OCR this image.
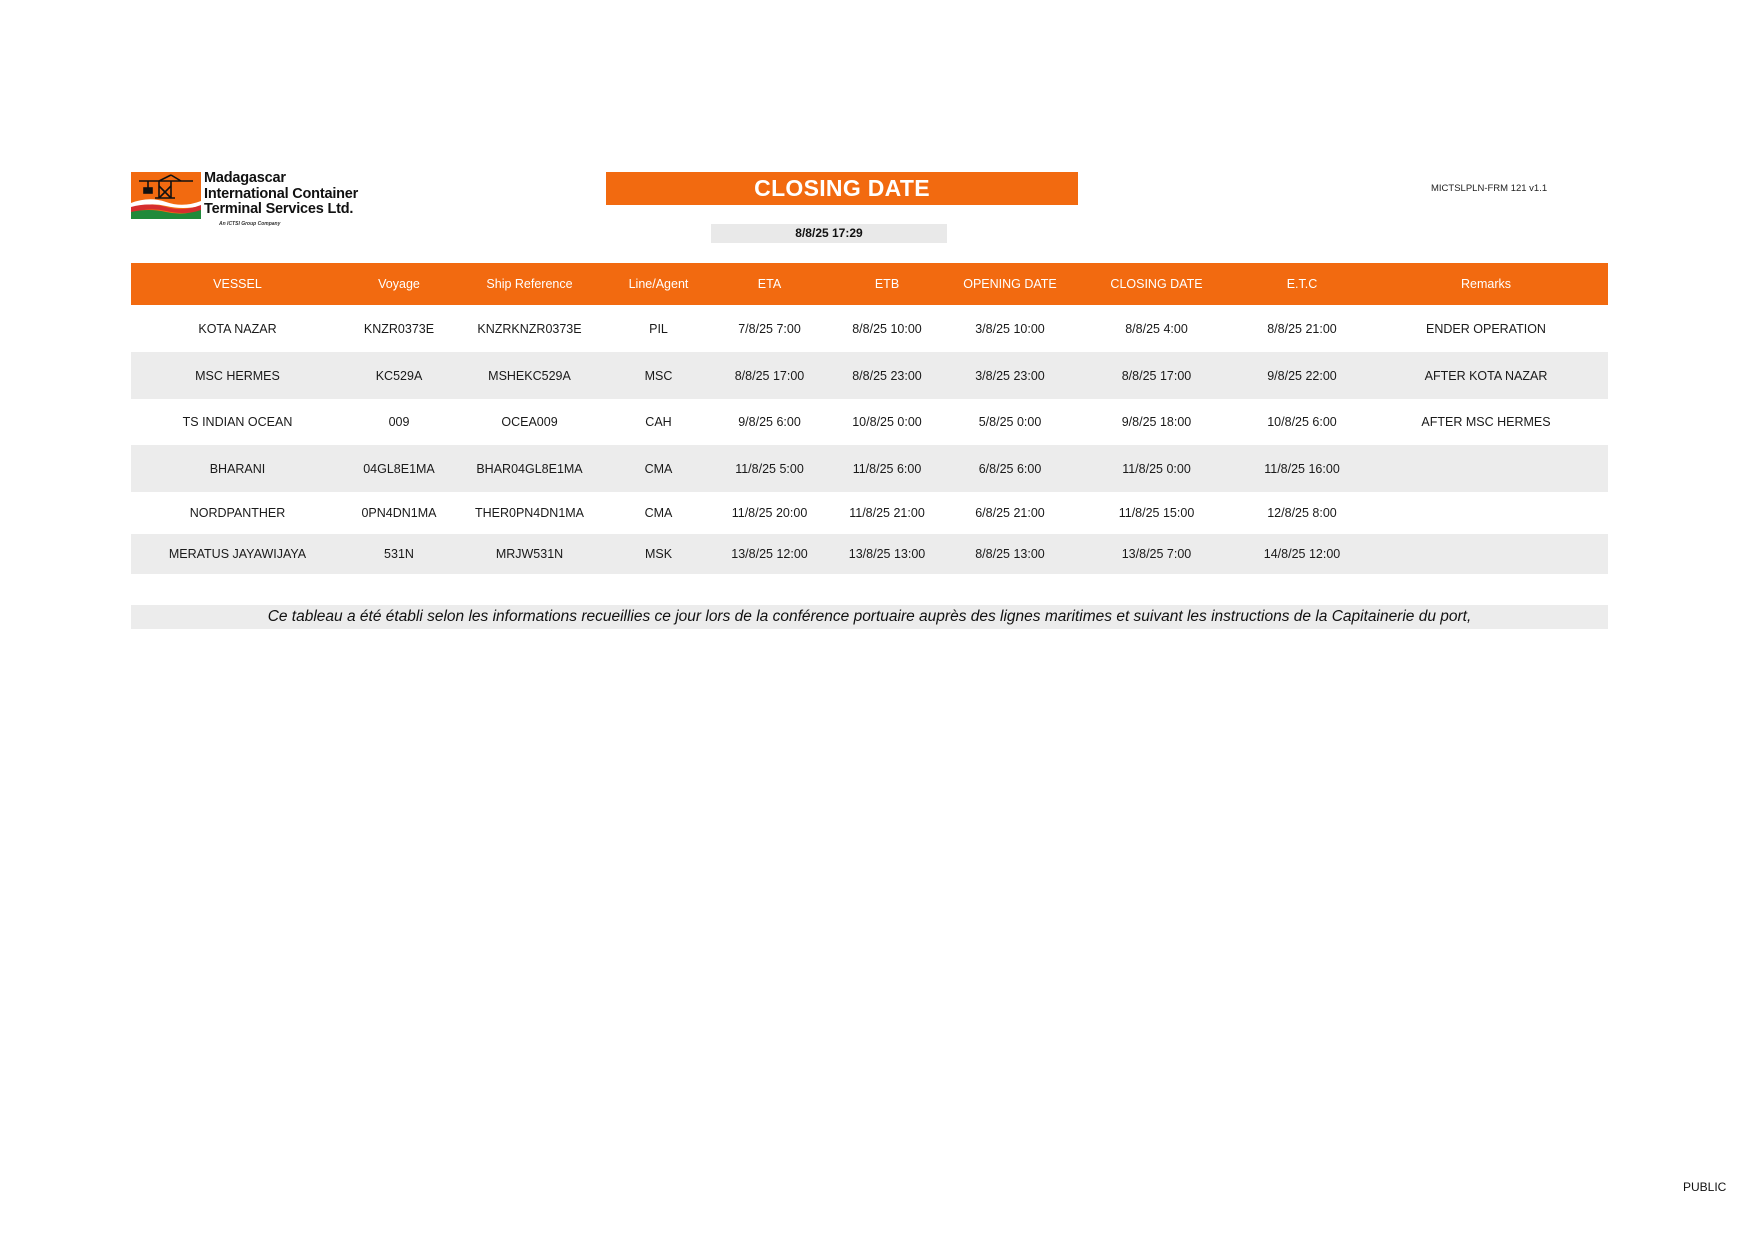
Madagascar
International Container
Terminal Services Ltd.
An ICTSI Group Company
CLOSING DATE	MICTSLPLN-FRM 121 v1.1
8/8/25 17:29
VESSEL	Voyage	Ship Reference	Line/Agent	ETA	ETB	OPENING DATE	CLOSING DATE	E.T.C	Remarks
KOTA NAZAR	KNZR0373E	KNZRKNZR0373E	PIL	7/8/25 7:00	8/8/25 10:00	3/8/25 10:00	8/8/25 4:00	8/8/25 21:00	ENDER OPERATION
MSC HERMES	KC529A	MSHEKC529A	MSC	8/8/25 17:00	8/8/25 23:00	3/8/25 23:00	8/8/25 17:00	9/8/25 22:00	AFTER KOTA NAZAR
TS INDIAN OCEAN	009	OCEA009	CAH	9/8/25 6:00	10/8/25 0:00	5/8/25 0:00	9/8/25 18:00	10/8/25 6:00	AFTER MSC HERMES
BHARANI	04GL8E1MA	BHAR04GL8E1MA	CMA	11/8/25 5:00	11/8/25 6:00	6/8/25 6:00	11/8/25 0:00	11/8/25 16:00
NORDPANTHER	0PN4DN1MA	THER0PN4DN1MA	CMA	11/8/25 20:00	11/8/25 21:00	6/8/25 21:00	11/8/25 15:00	12/8/25 8:00
MERATUS JAYAWIJAYA	531N	MRJW531N	MSK	13/8/25 12:00	13/8/25 13:00	8/8/25 13:00	13/8/25 7:00	14/8/25 12:00
Ce tableau a été établi selon les informations recueillies ce jour lors de la conférence portuaire auprès des lignes maritimes et suivant les instructions de la Capitainerie du port,
PUBLIC
